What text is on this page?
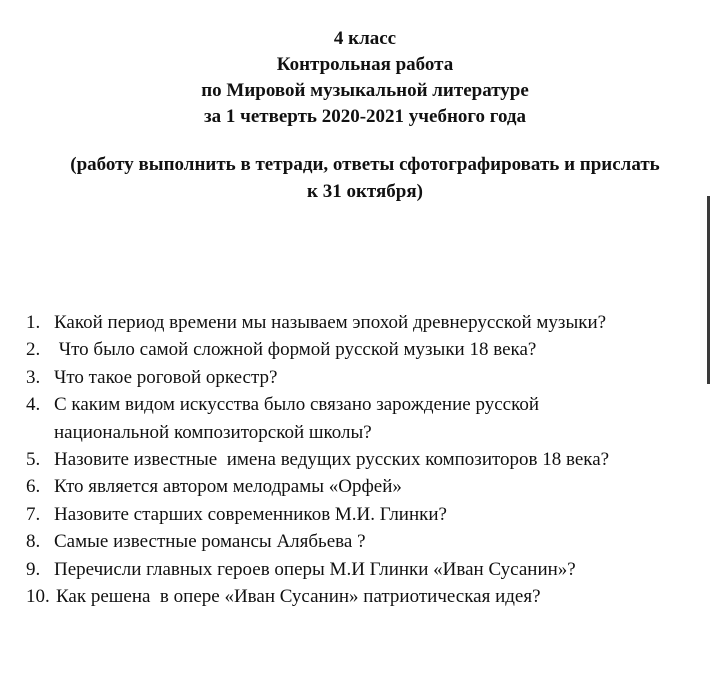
4 класс
Контрольная работа
по Мировой музыкальной литературе
за 1 четверть 2020-2021 учебного года
(работу выполнить в тетради, ответы сфотографировать и прислать
к 31 октября)
1. Какой период времени мы называем эпохой древнерусской музыки?
2. Что было самой сложной формой русской музыки 18 века?
3. Что такое роговой оркестр?
4. С каким видом искусства было связано зарождение русской
национальной композиторской школы?
5. Назовите известные  имена ведущих русских композиторов 18 века?
6. Кто является автором мелодрамы «Орфей»
7. Назовите старших современников М.И. Глинки?
8. Самые известные романсы Алябьева ?
9. Перечисли главных героев оперы М.И Глинки «Иван Сусанин»?
10. Как решена  в опере «Иван Сусанин» патриотическая идея?
